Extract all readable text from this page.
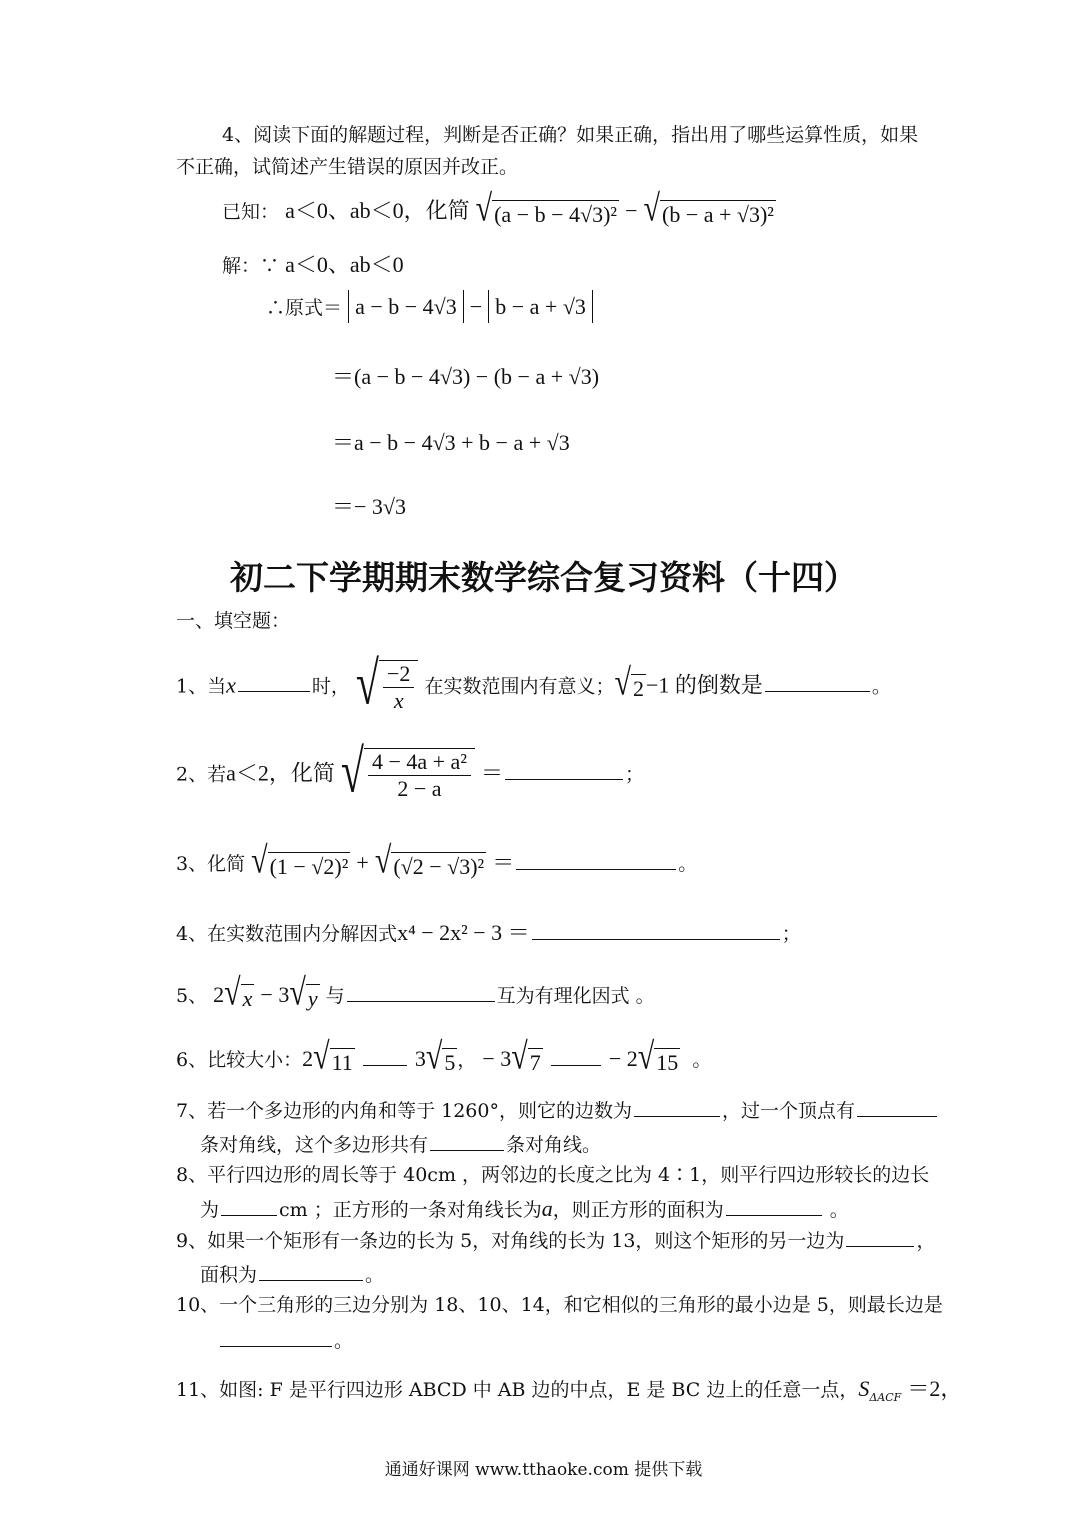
4、阅读下面的解题过程，判断是否正确？如果正确，指出用了哪些运算性质，如果
不正确，试简述产生错误的原因并改正。
已知： a＜0、ab＜0，化简 √ (a − b − 4√3)² − √ (b − a + √3)²
解：∵ a＜0、ab＜0
∴原式＝ a − b − 4√3 − b − a + √3
＝(a − b − 4√3) − (b − a + √3)
＝a − b − 4√3 + b − a + √3
＝− 3√3
初二下学期期末数学综合复习资料（十四）
一、填空题：
1、当x	时， √ $\frac{-2}{x}$ 在实数范围内有意义； √ 2 −1 的倒数是	。
2、若a＜2，化简 √ $\frac{\text{4 − 4a + a²}}{2 - a}$ ＝	；
3、化简 √ (1 − √2)² + √ (√2 − √3)² ＝	。
4、在实数范围内分解因式x⁴ − 2x² − 3 ＝	；
5、 2 √ x − 3 √ y 与	互为有理化因式 。
6、比较大小：2 √ 11	3 √ 5 ， − 3 √ 7	− 2 √ 15 。
7、若一个多边形的内角和等于 1260°，则它的边数为	，过一个顶点有
条对角线，这个多边形共有	条对角线。
8、平行四边形的周长等于 40cm ，两邻边的长度之比为 4∶1，则平行四边形较长的边长
为	cm ；正方形的一条对角线长为a，则正方形的面积为	。
9、如果一个矩形有一条边的长为 5，对角线的长为 13，则这个矩形的另一边为	，
面积为	。
10、一个三角形的三边分别为 18、10、14，和它相似的三角形的最小边是 5，则最长边是
。
11、如图: F 是平行四边形 ABCD 中 AB 边的中点，E 是 BC 边上的任意一点，$S_{\Delta ACF} =2$，
通通好课网 www.tthaoke.com 提供下载
